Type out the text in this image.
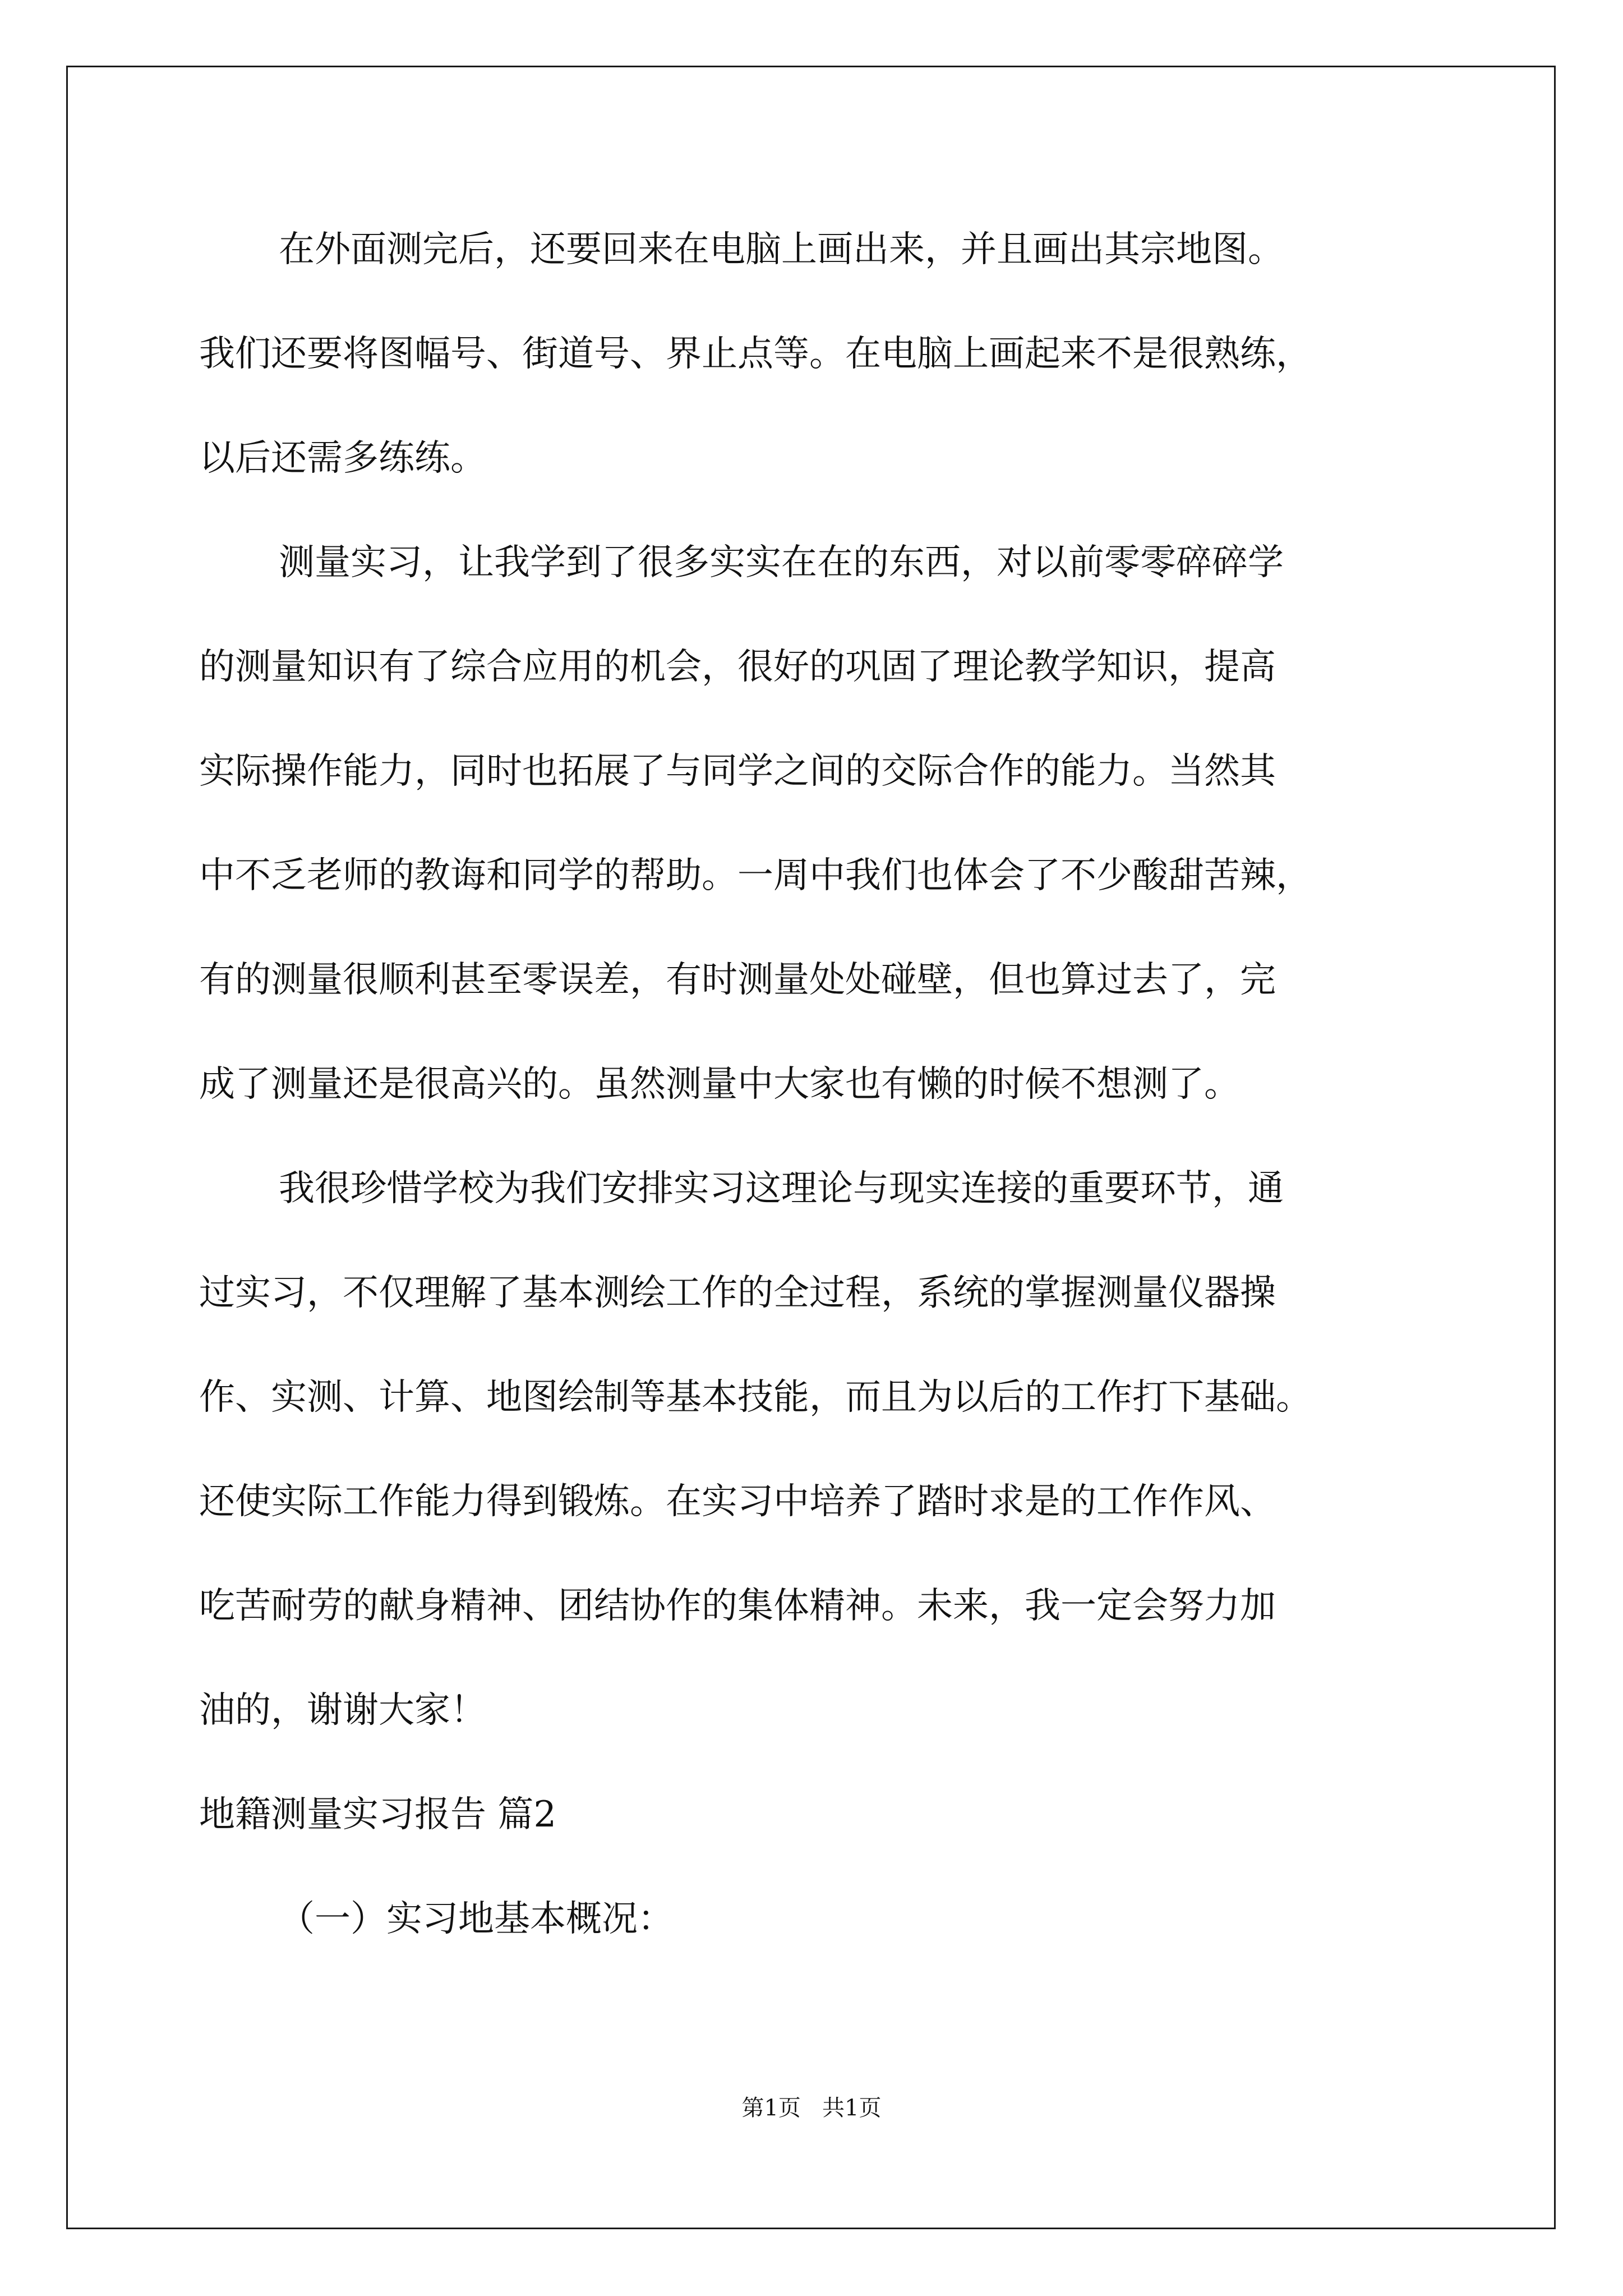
在外面测完后，还要回来在电脑上画出来，并且画出其宗地图。

我们还要将图幅号、街道号、界止点等。在电脑上画起来不是很熟练，

以后还需多练练。

测量实习，让我学到了很多实实在在的东西，对以前零零碎碎学

的测量知识有了综合应用的机会，很好的巩固了理论教学知识，提高

实际操作能力，同时也拓展了与同学之间的交际合作的能力。当然其

中不乏老师的教诲和同学的帮助。一周中我们也体会了不少酸甜苦辣，

有的测量很顺利甚至零误差，有时测量处处碰壁，但也算过去了，完

成了测量还是很高兴的。虽然测量中大家也有懒的时候不想测了。

我很珍惜学校为我们安排实习这理论与现实连接的重要环节，通

过实习，不仅理解了基本测绘工作的全过程，系统的掌握测量仪器操

作、实测、计算、地图绘制等基本技能，而且为以后的工作打下基础。

还使实际工作能力得到锻炼。在实习中培养了踏时求是的工作作风、

吃苦耐劳的献身精神、团结协作的集体精神。未来，我一定会努力加

油的，谢谢大家！

地籍测量实习报告 篇2

（一）实习地基本概况：

第1页   共1页
